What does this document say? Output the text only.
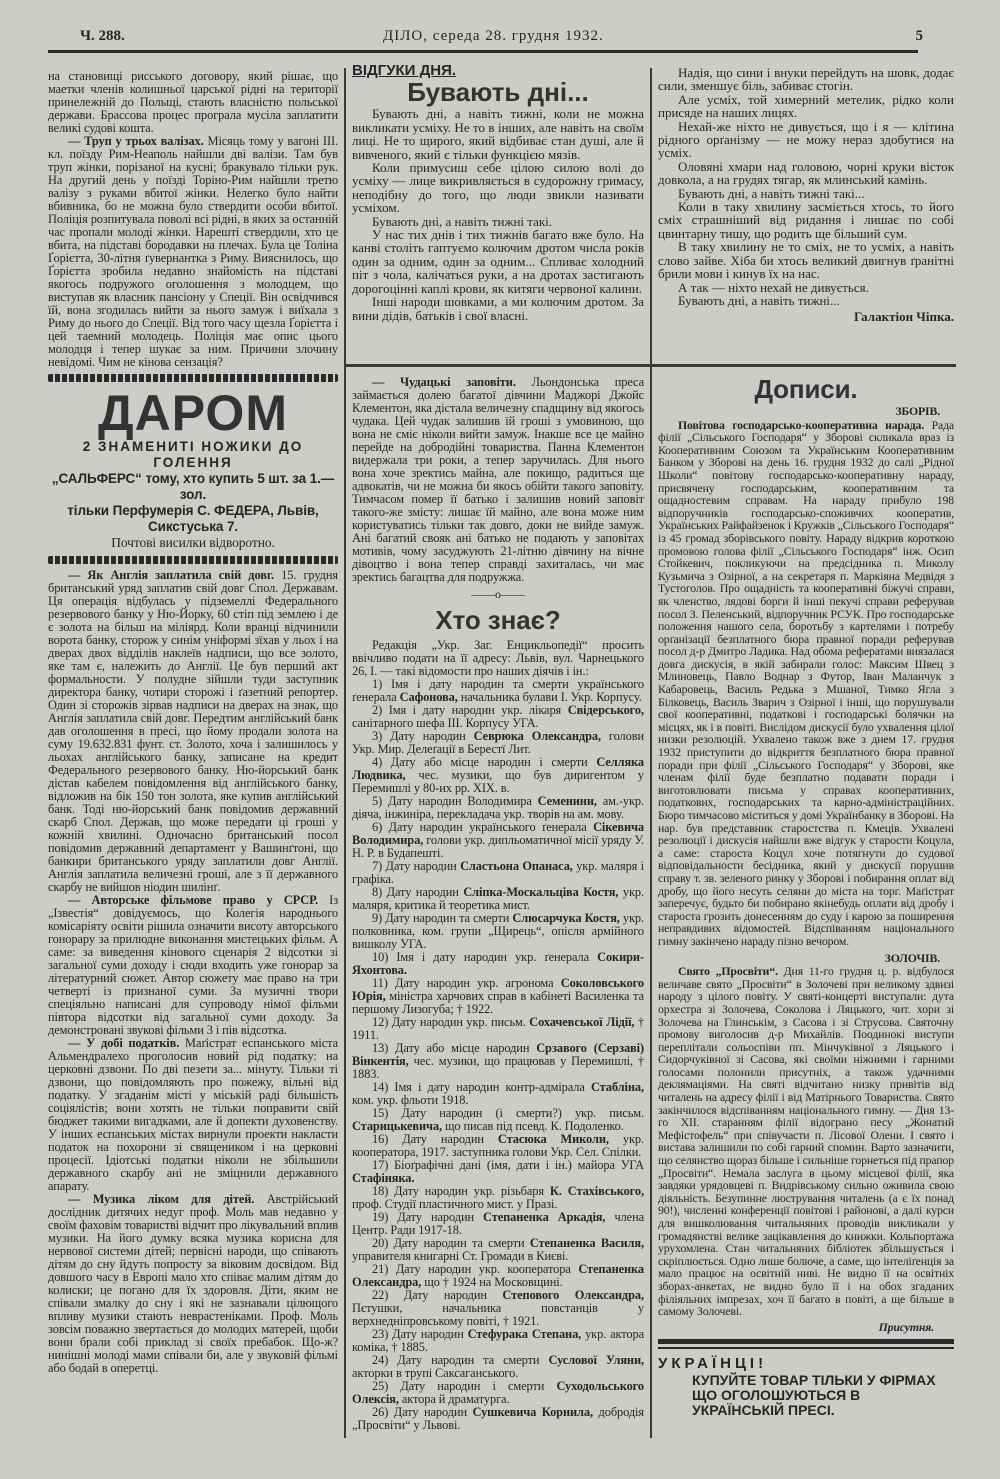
Ч. 288.	ДІЛО, середа 28. грудня 1932.	5

на становищі рисського договору, який рішає, що маетки членів колишньої царської рідні на території принележній до Польщі, стають власністю польської держави. Брассова процес програла мусіла заплатити великі судові кошта.

— Труп у трьох валізах. Місяць тому у вагоні III. кл. поїзду Рим-Неаполь найшли дві валізи. Там був труп жінки, порізаної на кусні; бракувало тільки рук. На другий день у поїзді Торіно-Рим найшли третю валізу з руками вбитої жінки. Нелегко було найти вбивника, бо не можна було ствердити особи вбитої. Поліція розпитувала поволі всі рідні, в яких за останній час пропали молоді жінки. Нарешті ствердили, хто це вбита, на підставі бородавки на плечах. Була це Толіна Ґорієтта, 30-літня ґувернантка з Риму. Вияснилось, що Ґорієтта зробила недавно знайомість на підставі якогось подружого оголошення з молодцем, що виступав як власник пансіону у Спеції. Він освідчився їй, вона згодилась вийти за нього замуж і виїхала з Риму до нього до Спеції. Від того часу щезла Ґорієтта і цей таемний молодець. Поліція має опис цього молодця і тепер шукає за ним. Причини злочину невідомі. Чим не кінова сензація?

ДАРОМ
2 ЗНАМЕНИТІ НОЖИКИ ДО ГОЛЕННЯ
„САЛЬФЕРС“ тому, хто купить 5 шт. за 1.— зол.
тільки Перфумерія С. ФЕДЕРА, Львів,
Сикстуська 7.
Почтові висилки відворотно.

— Як Англія заплатила свій довг. 15. грудня британський уряд заплатив свій довг Спол. Державам. Ця операція відбулась у підземеллі Федерального резервового банку у Ню-Йорку, 60 стіп під землею і де є золота на більш на міліярд. Коли вранці відчинили ворота банку, сторож у синім уніформі зїхав у льох і на дверах двох відділів наклеїв надписи, що все золото, яке там є, належить до Англії. Це був перший акт формальности. У полудне зійшли туди заступник директора банку, чотири сторожі і ґазетний репортер. Один зі сторожів зірвав надписи на дверах на знак, що Англія заплатила свій довг. Передтим англійський банк дав оголошення в пресі, що йому продали золота на суму 19.632.831 фунт. ст. Золото, хоча і залишилось у льохах англійського банку, записане на кредит Федерального резервового банку. Ню-йорський банк дістав кабелем повідомлення від англійського банку, відложив на бік 150 тон золота, яке купив англійський банк. Тоді ню-йорський банк повідомив державний скарб Спол. Держав, що може передати ці гроші у кожній хвилині. Одночасно британський посол повідомив державний департамент у Вашинґтоні, що банкири британського уряду заплатили довг Англії. Англія заплатила величезні гроші, але з її державного скарбу не вийшов ніодин шилінґ.

— Авторське фільмове право у СРСР. Із „Ізвестія“ довідуємось, що Колегія народнього комісаріяту освіти рішила означити висоту авторського гонорару за прилюдне виконання мистецьких фільм. А саме: за виведення кінового сценарія 2 відсотки зі загальної суми доходу і сюди входить уже гонорар за літературний сюжет. Автор сюжету має право на три четверті із признаної суми. За музичні твори спеціяльно написані для супроводу німої фільми півтора відсотки від загальної суми доходу. За демонстровані звукові фільми 3 і пів відсотка.

— У добі податків. Маґістрат еспанського міста Альмендралехо проголосив новий рід податку: на церковні дзвони. По дві пезети за... мінуту. Тільки ті дзвони, що повідомляють про пожежу, вільні від податку. У згаданім місті у міській раді більшість соціялістів; вони хотять не тільки поправити свій бюджет такими вигадками, але й допекти духовенству. У інших еспанських містах вирнули проекти накласти податок на похорони зі священиком і на церковні процесії. Ідіотські податки ніколи не збільшили державного скарбу ані не зміцнили державного апарату.

— Музика ліком для дітей. Австрійський дослідник дитячих недуг проф. Моль мав недавно у своїм фаховім товаристві відчит про лікувальний вплив музики. На його думку всяка музика корисна для нервової системи дітей; первісні народи, що співають дітям до сну йдуть попросту за віковим досвідом. Від довшого часу в Европі мало хто співає малим дітям до колиски; це погано для їх здоровля. Діти, яким не співали змалку до сну і які не зазнавали цілющого впливу музики стають неврастеніками. Проф. Моль зовсім поважно звертається до молодих матерей, щоби вони брали собі приклад зі своїх пребабок. Що-ж? нинішні молоді мами співали би, але у звуковій фільмі або бодай в оперетці.

ВІДГУКИ ДНЯ.
Бувають дні...

Бувають дні, а навіть тижні, коли не можна викликати усміху. Не то в інших, але навіть на своїм лиці. Не то щирого, який відбиває стан душі, але й вивченого, який є тільки функцією мязів.

Коли примусиш себе цілою силою волі до усміху — лице викривляється в судорожну гримасу, неподібну до того, що люди звикли називати усміхом.

Бувають дні, а навіть тижні такі.

У нас тих днів і тих тижнів багато вже було. На канві століть гаптуємо колючим дротом числа років один за одним, один за одним... Спливає холодний піт з чола, калічаться руки, а на дротах застигають дорогоцінні каплі крови, як китяги червоної калини.

Інші народи шовками, а ми колючим дротом. За вини дідів, батьків і свої власні.

Надія, що сини і внуки перейдуть на шовк, додає сили, зменшує біль, забиває стогін.

Але усміх, той химерний метелик, рідко коли присяде на наших лицях.

Нехай-же ніхто не дивується, що і я — клітина рідного орґанізму — не можу нераз здобутися на усміх.

Оловяні хмари над головою, чорні круки вісток довкола, а на грудях тягар, як млинський камінь.

Бувають дні, а навіть тижні такі...

Коли в таку хвилину засміється хтось, то його сміх страшніший від ридання і лишає по собі цвинтарну тишу, що родить ще більший сум.

В таку хвилину не то сміх, не то усміх, а навіть слово зайве. Хіба би хтось великий двигнув ґранітні брили мови і кинув їх на нас.

А так — ніхто нехай не дивується.

Бувають дні, а навіть тижні...

Галактіон Чіпка.

— Чудацькі заповіти. Льондонська преса займається долею багатої дівчини Маджорі Джойс Клементон, яка дістала величезну спадщину від якогось чудака. Цей чудак залишив їй гроші з умовиною, що вона не сміє ніколи вийти замуж. Інакше все це майно перейде на добродійні товариства. Панна Клементон видержала три роки, а тепер заручилась. Для нього вона хоче зректись майна, але покищо, радиться ще адвокатів, чи не можна би якось обійти такого заповіту. Тимчасом помер її батько і залишив новий заповіт такого-же змісту: лишає їй майно, але вона може ним користуватись тільки так довго, доки не вийде замуж. Ані багатий свояк ані батько не подають у заповітах мотивів, чому засуджують 21-літню дівчину на вічне дівоцтво і вона тепер справді захиталась, чи має зректись багацтва для подружжа.

——o——
Хто знає?

Редакція „Укр. Заг. Енцикльопедії“ просить ввічливо подати на її адресу: Львів, вул. Чарнецького 26, I. — такі відомости про наших діячів і ін.:

1) Імя і дату народин та смерти українського ґенерала Сафонова, начальника булави I. Укр. Корпусу.

2) Імя і дату народин укр. лікаря Свідерського, санітарного шефа III. Корпусу УГА.

3) Дату народин Севрюка Олександра, голови Укр. Мир. Делеґації в Берестї Лит.

4) Дату або місце народин і смерти Селляка Людвика, чес. музики, що був диригентом у Перемишлі у 80-их рр. XIX. в.

5) Дату народин Володимира Семенини, ам.-укр. діяча, інжиніра, перекладача укр. творів на ам. мову.

6) Дату народин українського ґенерала Сікевича Володимира, голови укр. дипльоматичної місії уряду У. Н. Р. в Будапешті.

7) Дату народин Сластьона Опанаса, укр. маляря і графіка.

8) Дату народин Сліпка-Москальціва Костя, укр. маляря, критика й теоретика мист.

9) Дату народин та смерти Слюсарчука Костя, укр. полковника, ком. групи „Щирець“, опісля армійного вишколу УГА.

10) Імя і дату народин укр. ґенерала Сокири-Яхонтова.

11) Дату народин укр. агронома Соколовського Юрія, міністра харчових справ в кабінеті Василенка та першому Лизогуба; † 1922.

12) Дату народин укр. письм. Сохачевської Лідії, † 1911.

13) Дату або місце народин Срзавого (Серзаві) Вінкентія, чес. музики, що працював у Перемишлі, † 1883.

14) Імя і дату народин контр-адмірала Стабліна, ком. укр. фльоти 1918.

15) Дату народин (і смерти?) укр. письм. Старицькевича, що писав під псевд. К. Подоленко.

16) Дату народин Стасюка Миколи, укр. кооператора, 1917. заступника голови Укр. Сел. Спілки.

17) Біоґрафічні дані (імя, дати і ін.) майора УГА Стафіняка.

18) Дату народин укр. різьбаря К. Стахівського, проф. Студії пластичного мист. у Празі.

19) Дату народин Степаненка Аркадія, члена Центр. Ради 1917-18.

20) Дату народин та смерти Степаненка Василя, управителя книгарні Ст. Громади в Києві.

21) Дату народин укр. кооператора Степаненка Олександра, що † 1924 на Московщині.

22) Дату народин Степового Олександра, Пєтушки, начальника повстанців у верхнедніпровському повіті, † 1921.

23) Дату народин Стефурака Степана, укр. актора коміка, † 1885.

24) Дату народин та смерти Суслової Уляни, акторки в трупі Саксаганського.

25) Дату народин і смерти Суходольського Олексія, актора й драматурга.

26) Дату народин Сушкевича Корнила, добродія „Просвіти“ у Львові.

Дописи.

ЗБОРІВ.

Повітова господарсько-кооперативна нарада. Рада філії „Сільського Господаря“ у Зборові скликала враз із Кооперативним Союзом та Українським Кооперативним Банком у Зборові на день 16. грудня 1932 до салі „Рідної Школи“ повітову господарсько-кооперативну нараду, присвячену господарським, кооперативним та ощадностевим справам. На нараду прибуло 198 відпоручників господарсько-споживчих кооператив, Українських Райфайзенок і Кружків „Сільського Господаря“ із 45 громад зборівського повіту. Нараду відкрив короткою промовою голова філії „Сільського Господаря“ інж. Осип Стойкевич, покликуючи на предсідника п. Миколу Кузьмича з Озірної, а на секретаря п. Маркіяна Медвідя з Тустоголов. Про ощадність та кооперативні біжучі справи, як членство, лядові борги й інші пекучі справи реферував посол З. Пеленський, відпоручник РСУК. Про господарське положення нашого села, боротьбу з картелями і потребу орґанізації безплатного бюра правної поради реферував посол д-р Дмитро Ладика. Над обома рефератами виязалася довга дискусія, в якій забирали голос: Максим Швец з Млиновець, Павло Воднар з Футор, Іван Маланчук з Кабаровець, Василь Редька з Мшаної, Тимко Ягла з Білковець, Василь Зварич з Озірної і інші, що порушували свої кооперативні, податкові і господарські болячки на місцях, як і в повіті. Вислідом дискусії було ухвалення цілої низки резолюцій. Ухвалено також вже з днем 17. грудня 1932 приступити до відкриття безплатного бюра правної поради при філії „Сільського Господаря“ у Зборові, яке членам філії буде безплатно подавати поради і виготовлювати письма у справах кооперативних, податкових, господарських та карно-адміністраційних. Бюро тимчасово міститься у домі Українбанку в Зборові. На нар. був представник старостства п. Кмеців. Ухвалені резолюції і дискусія найшли вже відгук у старости Коцула, а саме: староста Коцул хоче потягнути до судової відповідальности бесідника, який у дискусії порушив справу т. зв. зеленого ринку у Зборові і побирання оплат від дробу, що його несуть селяни до міста на торг. Маґістрат заперечує, будьто би побирано якінебудь оплати від дробу і староста грозить донесенням до суду і карою за поширення неправдивих відомостей. Відспіванням національного гимну закінчено нараду пізно вечором.

ЗОЛОЧІВ.

Свято „Просвіти“. Дня 11-го грудня ц. р. відбулося величаве свято „Просвіти“ в Золочеві при великому здвизі народу з цілого повіту. У святі-концерті виступали: дута орхестра зі Золочева, Соколова і Ляцького, чит. хори зі Золочева на Глинськім, з Сасова і зі Струсова. Святочну промову виголосив д-р Михайлів. Поодинокі виступи переплітали сольоспіви пп. Мінчуківної з Ляцького і Сидорчуківної зі Сасова, які своїми ніжними і гарними голосами полонили присутніх, а також удачними деклямаціями. На святі відчитано низку привітів від читалень на адресу філії і від Матірнього Товариства. Свято закінчилося відспіванням національного гимну. — Дня 13-го XII. старанням філії відограно песу „Жонатий Мефістофель“ при співучасти п. Лісової Олени. І свято і вистава залишили по собі гарний спомин. Варто зазначити, що селянство щораз більше і сильніше горнеться під прапор „Просвіти“. Немала заслуга в цьому місцевої філії, яка завдяки урядовцеві п. Видрівському сильно оживила свою діяльність. Безупинне люстрування читалень (а є їх понад 90!), численні конференції повітові і районові, а далі курси для вишколювання читальняних проводів викликали у громадянстві велике зацікавлення до книжки. Кольпортажа урухомлена. Стан читальняних бібліотек збільшується і скріплюється. Одно лише болюче, а саме, що інтеліґенція за мало працює на освітній ниві. Не видно її на освітніх зборах-анкетах, не видно було її і на обох згаданих філіяльних імпрезах, хоч її багато в повіті, а ще більше в самому Золочеві.

Присутня.

УКРАЇНЦІ!
КУПУЙТЕ ТОВАР ТІЛЬКИ У ФІРМАХ ЩО ОГОЛОШУЮТЬСЯ В УКРАЇНСЬКІЙ ПРЕСІ.
